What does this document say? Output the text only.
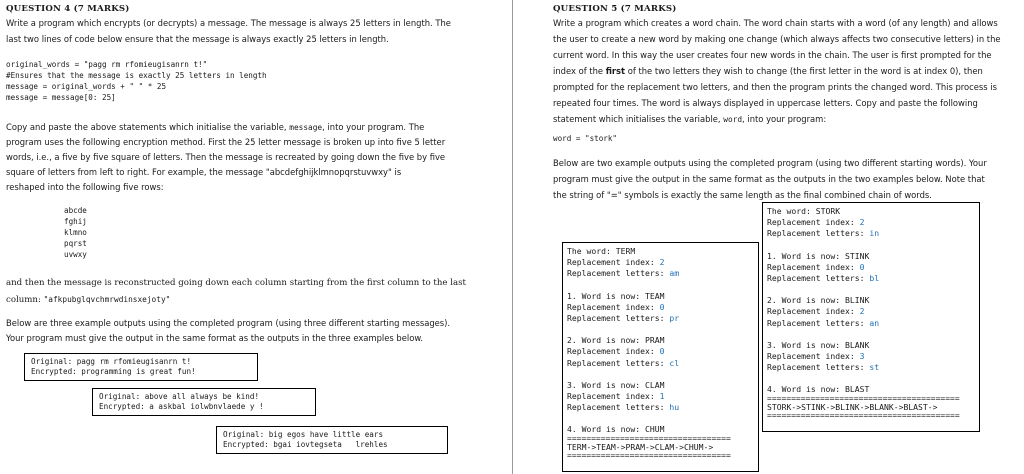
QUESTION 4 (7 MARKS)
Write a program which encrypts (or decrypts) a message. The message is always 25 letters in length. The
last two lines of code below ensure that the message is always exactly 25 letters in length.
original_words = "pagg rm rfomieugisanrn t!"
#Ensures that the message is exactly 25 letters in length
message = original_words + " " * 25
message = message[0: 25]
Copy and paste the above statements which initialise the variable, message, into your program. The
program uses the following encryption method. First the 25 letter message is broken up into five 5 letter
words, i.e., a five by five square of letters. Then the message is recreated by going down the five by five
square of letters from left to right. For example, the message "abcdefghijklmnopqrstuvwxy" is
reshaped into the following five rows:
abcde
fghij
klmno
pqrst
uvwxy
and then the message is reconstructed going down each column starting from the first column to the last
column: "afkpubglqvchmrwdinsxejoty"
Below are three example outputs using the completed program (using three different starting messages).
Your program must give the output in the same format as the outputs in the three examples below.
Original: pagg rm rfomieugisanrn t!
Encrypted: programming is great fun!
Original: above all always be kind!
Encrypted: a askbal iolwbnvlaede y !
Original: big egos have little ears
Encrypted: bgai iovtegseta   lrehles
QUESTION 5 (7 MARKS)
Write a program which creates a word chain. The word chain starts with a word (of any length) and allows
the user to create a new word by making one change (which always affects two consecutive letters) in the
current word. In this way the user creates four new words in the chain. The user is first prompted for the
index of the first of the two letters they wish to change (the first letter in the word is at index 0), then
prompted for the replacement two letters, and then the program prints the changed word. This process is
repeated four times. The word is always displayed in uppercase letters. Copy and paste the following
statement which initialises the variable, word, into your program:
word = "stork"
Below are two example outputs using the completed program (using two different starting words). Your
program must give the output in the same format as the outputs in the two examples below. Note that
the string of "=" symbols is exactly the same length as the final combined chain of words.
The word: TERM
Replacement index: 2
Replacement letters: am
1. Word is now: TEAM
Replacement index: 0
Replacement letters: pr
2. Word is now: PRAM
Replacement index: 0
Replacement letters: cl
3. Word is now: CLAM
Replacement index: 1
Replacement letters: hu
4. Word is now: CHUM
==================================
TERM->TEAM->PRAM->CLAM->CHUM->
==================================
The word: STORK
Replacement index: 2
Replacement letters: in
1. Word is now: STINK
Replacement index: 0
Replacement letters: bl
2. Word is now: BLINK
Replacement index: 2
Replacement letters: an
3. Word is now: BLANK
Replacement index: 3
Replacement letters: st
4. Word is now: BLAST
========================================
STORK->STINK->BLINK->BLANK->BLAST->
========================================
